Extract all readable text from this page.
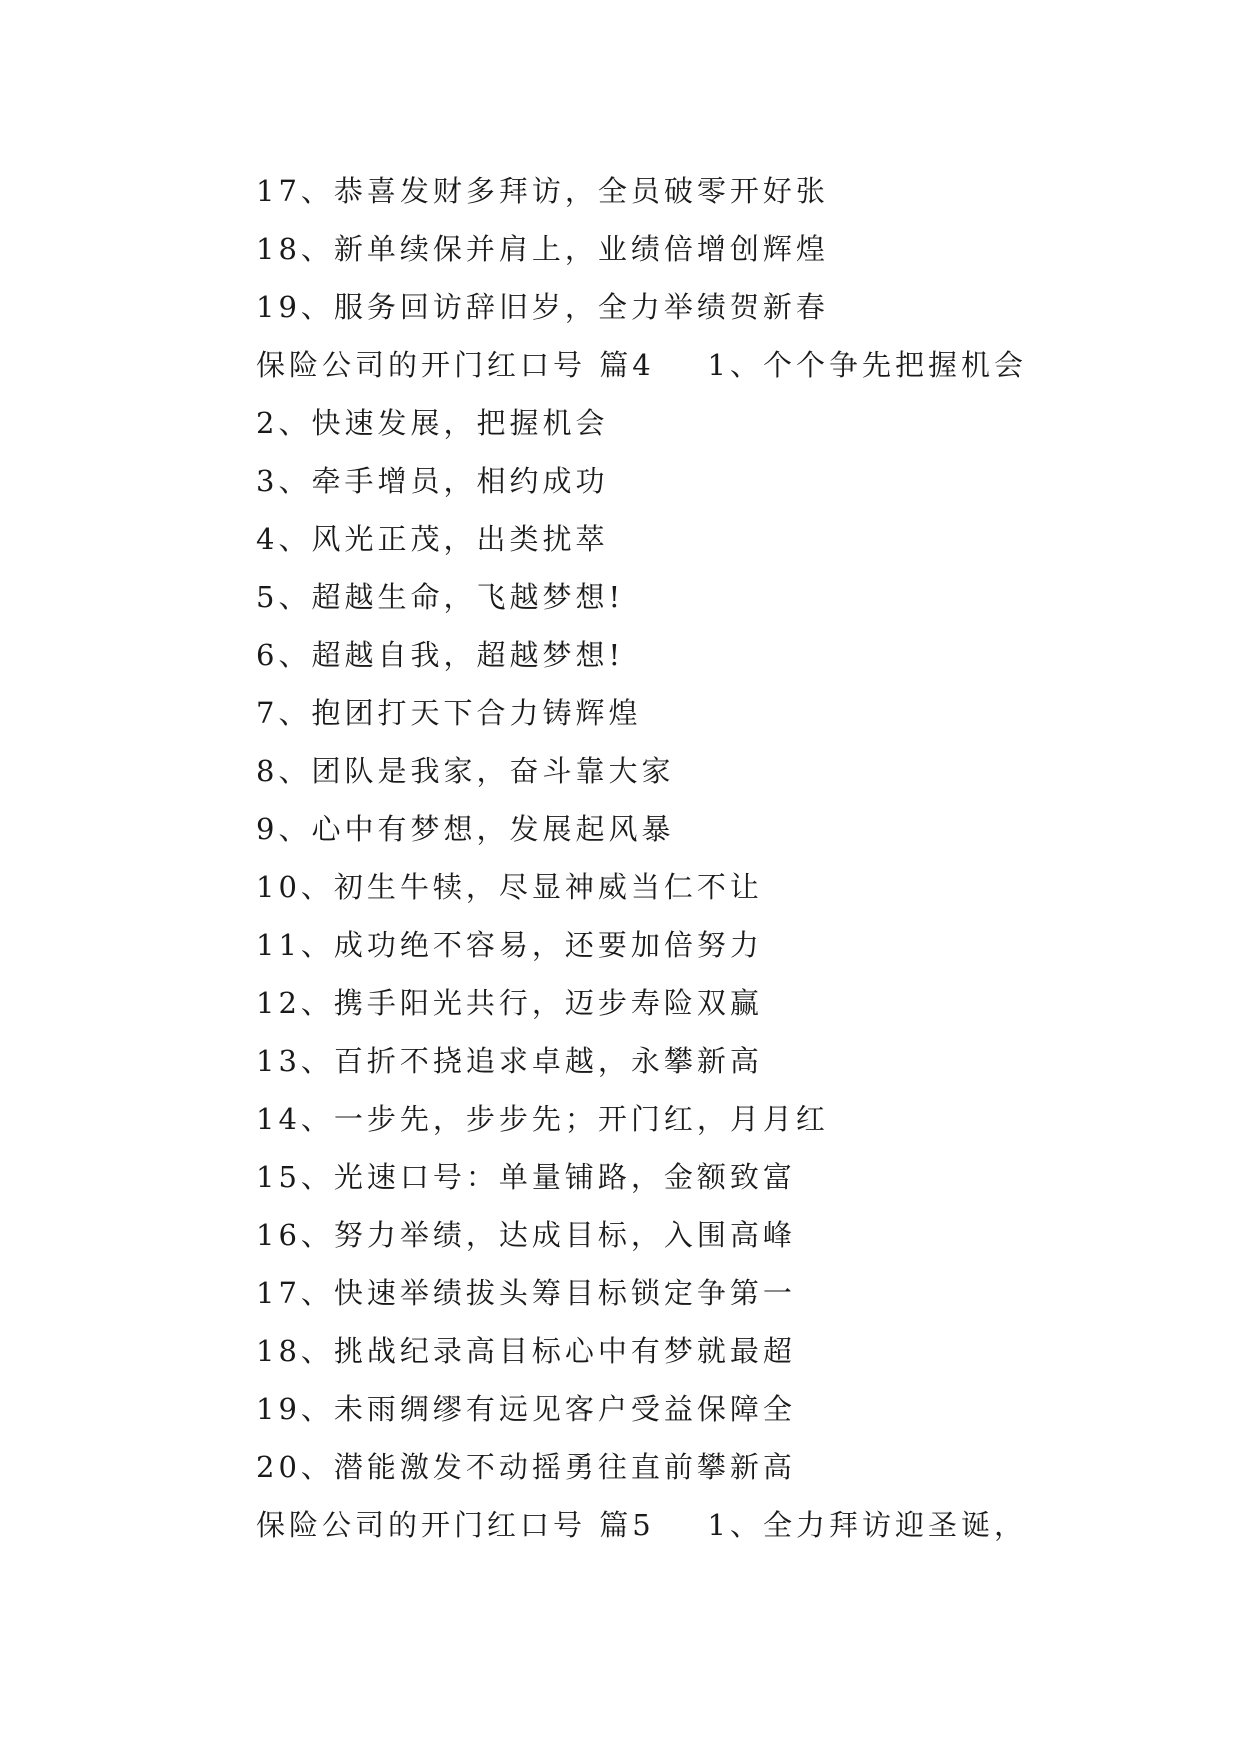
17、恭喜发财多拜访，全员破零开好张
18、新单续保并肩上，业绩倍增创辉煌
19、服务回访辞旧岁，全力举绩贺新春
保险公司的开门红口号 篇4    1、个个争先把握机会
2、快速发展，把握机会
3、牵手增员，相约成功
4、风光正茂，出类扰萃
5、超越生命，飞越梦想!
6、超越自我，超越梦想!
7、抱团打天下合力铸辉煌
8、团队是我家，奋斗靠大家
9、心中有梦想，发展起风暴
10、初生牛犊，尽显神威当仁不让
11、成功绝不容易，还要加倍努力
12、携手阳光共行，迈步寿险双赢
13、百折不挠追求卓越，永攀新高
14、一步先，步步先；开门红，月月红
15、光速口号：单量铺路，金额致富
16、努力举绩，达成目标，入围高峰
17、快速举绩拔头筹目标锁定争第一
18、挑战纪录高目标心中有梦就最超
19、未雨绸缪有远见客户受益保障全
20、潜能激发不动摇勇往直前攀新高
保险公司的开门红口号 篇5    1、全力拜访迎圣诞，
